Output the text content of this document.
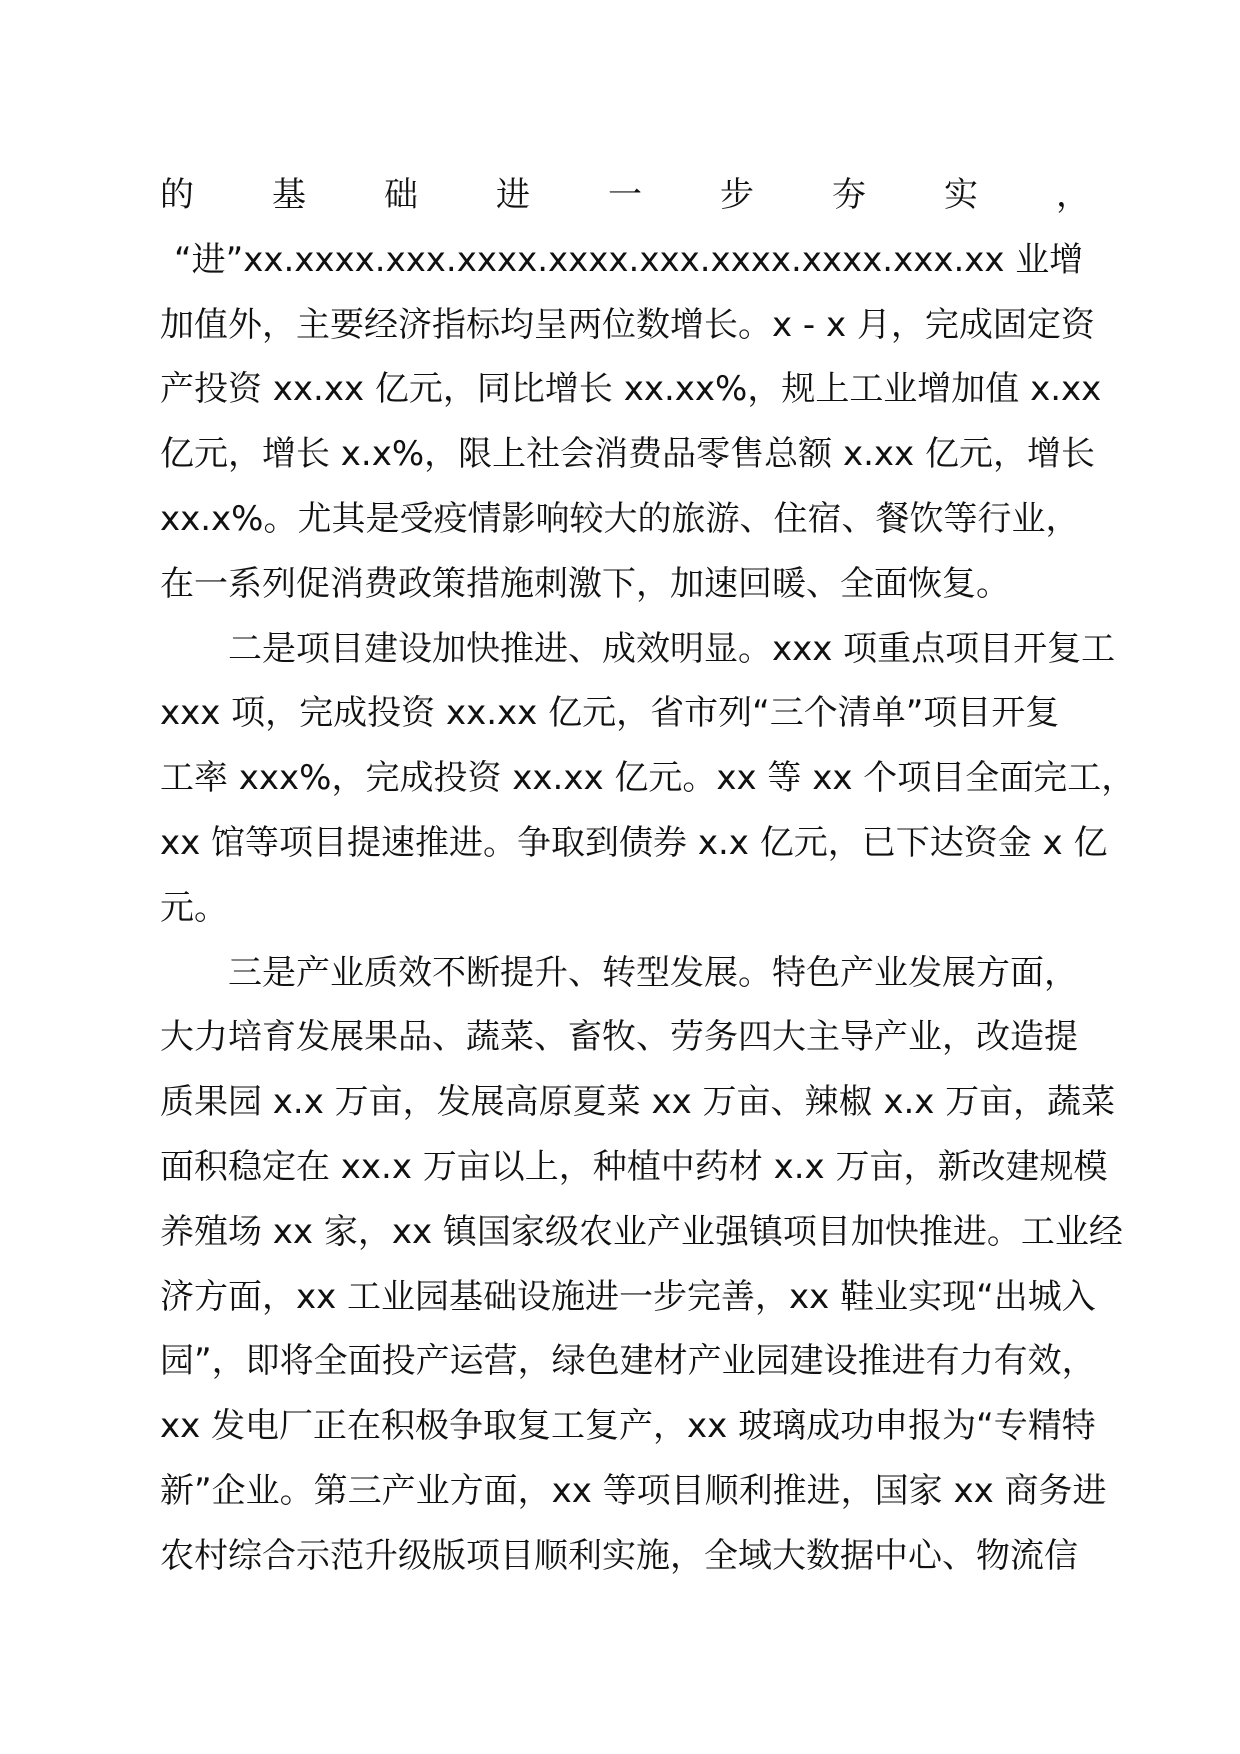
的 基 础 进 一 步 夯 实 ，
“进”xx.xxxx.xxx.xxxx.xxxx.xxx.xxxx.xxxx.xxx.xx 业增
加值外，主要经济指标均呈两位数增长。x - x 月，完成固定资
产投资 xx.xx 亿元，同比增长 xx.xx%，规上工业增加值 x.xx
亿元，增长 x.x%，限上社会消费品零售总额 x.xx 亿元，增长
xx.x%。尤其是受疫情影响较大的旅游、住宿、餐饮等行业，
在一系列促消费政策措施刺激下，加速回暖、全面恢复。
二是项目建设加快推进、成效明显。xxx 项重点项目开复工
xxx 项，完成投资 xx.xx 亿元，省市列“三个清单”项目开复
工率 xxx%，完成投资 xx.xx 亿元。xx 等 xx 个项目全面完工，
xx 馆等项目提速推进。争取到债券 x.x 亿元，已下达资金 x 亿
元。
三是产业质效不断提升、转型发展。特色产业发展方面，
大力培育发展果品、蔬菜、畜牧、劳务四大主导产业，改造提
质果园 x.x 万亩，发展高原夏菜 xx 万亩、辣椒 x.x 万亩，蔬菜
面积稳定在 xx.x 万亩以上，种植中药材 x.x 万亩，新改建规模
养殖场 xx 家，xx 镇国家级农业产业强镇项目加快推进。工业经
济方面，xx 工业园基础设施进一步完善，xx 鞋业实现“出城入
园”，即将全面投产运营，绿色建材产业园建设推进有力有效，
xx 发电厂正在积极争取复工复产，xx 玻璃成功申报为“专精特
新”企业。第三产业方面，xx 等项目顺利推进，国家 xx 商务进
农村综合示范升级版项目顺利实施，全域大数据中心、物流信
